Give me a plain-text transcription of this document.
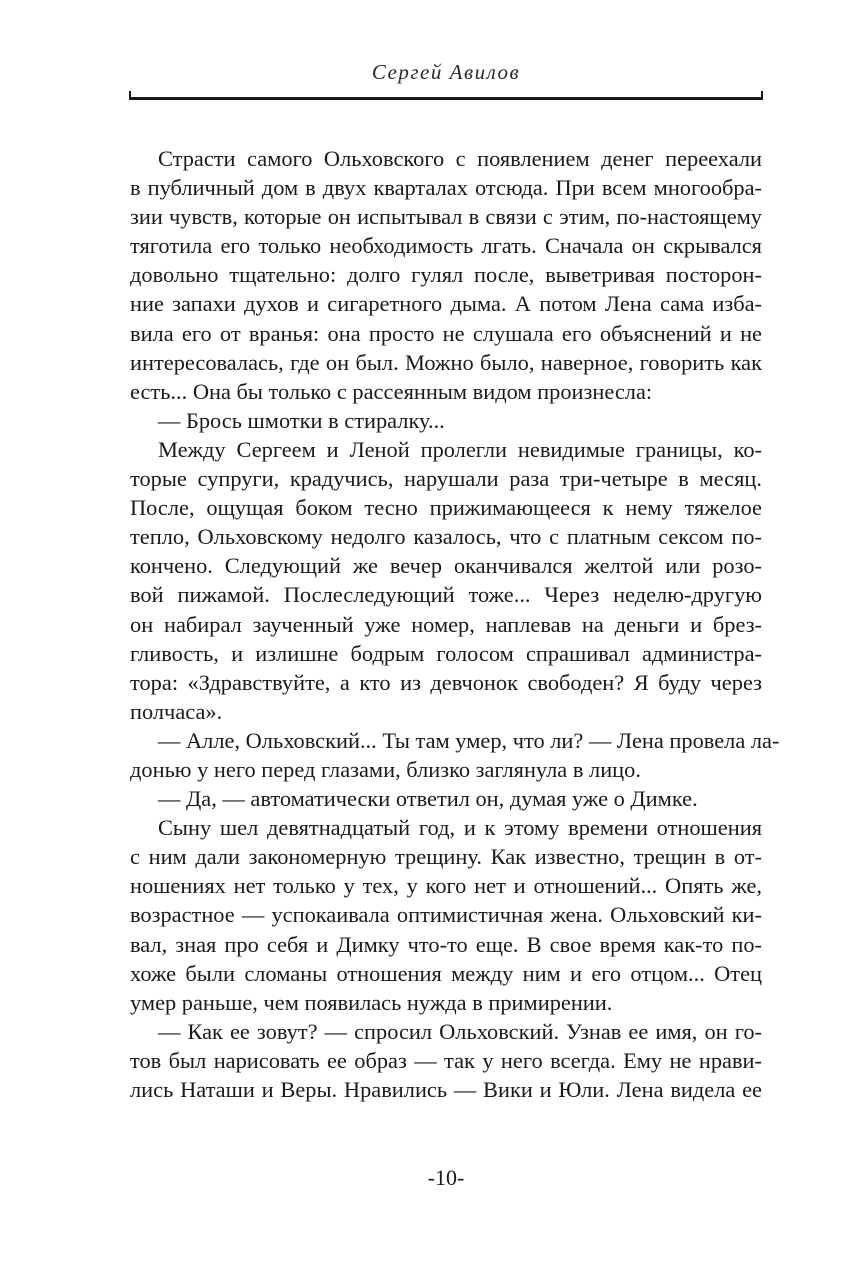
Сергей Авилов
Страсти самого Ольховского с появлением денег переехали
в публичный дом в двух кварталах отсюда. При всем многообра-
зии чувств, которые он испытывал в связи с этим, по-настоящему
тяготила его только необходимость лгать. Сначала он скрывался
довольно тщательно: долго гулял после, выветривая посторон-
ние запахи духов и сигаретного дыма. А потом Лена сама изба-
вила его от вранья: она просто не слушала его объяснений и не
интересовалась, где он был. Можно было, наверное, говорить как
есть... Она бы только с рассеянным видом произнесла:
— Брось шмотки в стиралку...
Между Сергеем и Леной пролегли невидимые границы, ко-
торые супруги, крадучись, нарушали раза три-четыре в месяц.
После, ощущая боком тесно прижимающееся к нему тяжелое
тепло, Ольховскому недолго казалось, что с платным сексом по-
кончено. Следующий же вечер оканчивался желтой или розо-
вой пижамой. Послеследующий тоже... Через неделю-другую
он набирал заученный уже номер, наплевав на деньги и брез-
гливость, и излишне бодрым голосом спрашивал администра-
тора: «Здравствуйте, а кто из девчонок свободен? Я буду через
полчаса».
— Алле, Ольховский... Ты там умер, что ли? — Лена провела ла-
донью у него перед глазами, близко заглянула в лицо.
— Да, — автоматически ответил он, думая уже о Димке.
Сыну шел девятнадцатый год, и к этому времени отношения
с ним дали закономерную трещину. Как известно, трещин в от-
ношениях нет только у тех, у кого нет и отношений... Опять же,
возрастное — успокаивала оптимистичная жена. Ольховский ки-
вал, зная про себя и Димку что-то еще. В свое время как-то по-
хоже были сломаны отношения между ним и его отцом... Отец
умер раньше, чем появилась нужда в примирении.
— Как ее зовут? — спросил Ольховский. Узнав ее имя, он го-
тов был нарисовать ее образ — так у него всегда. Ему не нрави-
лись Наташи и Веры. Нравились — Вики и Юли. Лена видела ее
-10-
